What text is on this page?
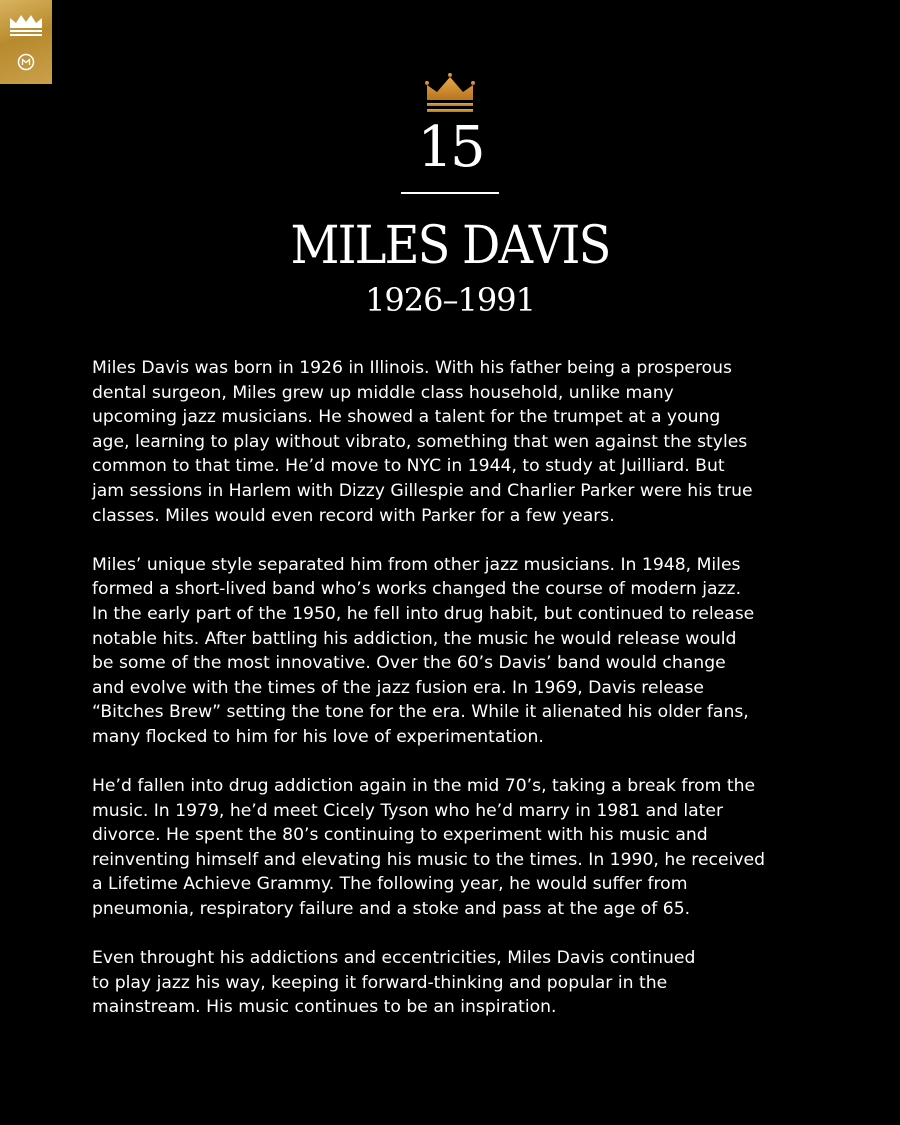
15
MILES DAVIS
1926–1991

Miles Davis was born in 1926 in Illinois. With his father being a prosperous
dental surgeon, Miles grew up middle class household, unlike many
upcoming jazz musicians. He showed a talent for the trumpet at a young
age, learning to play without vibrato, something that wen against the styles
common to that time. He’d move to NYC in 1944, to study at Juilliard. But
jam sessions in Harlem with Dizzy Gillespie and Charlier Parker were his true
classes. Miles would even record with Parker for a few years.

Miles’ unique style separated him from other jazz musicians. In 1948, Miles
formed a short-lived band who’s works changed the course of modern jazz.
In the early part of the 1950, he fell into drug habit, but continued to release
notable hits. After battling his addiction, the music he would release would
be some of the most innovative. Over the 60’s Davis’ band would change
and evolve with the times of the jazz fusion era. In 1969, Davis release
“Bitches Brew” setting the tone for the era. While it alienated his older fans,
many flocked to him for his love of experimentation.

He’d fallen into drug addiction again in the mid 70’s, taking a break from the
music. In 1979, he’d meet Cicely Tyson who he’d marry in 1981 and later
divorce. He spent the 80’s continuing to experiment with his music and
reinventing himself and elevating his music to the times. In 1990, he received
a Lifetime Achieve Grammy. The following year, he would suffer from
pneumonia, respiratory failure and a stoke and pass at the age of 65.

Even throught his addictions and eccentricities, Miles Davis continued
to play jazz his way, keeping it forward-thinking and popular in the
mainstream. His music continues to be an inspiration.
